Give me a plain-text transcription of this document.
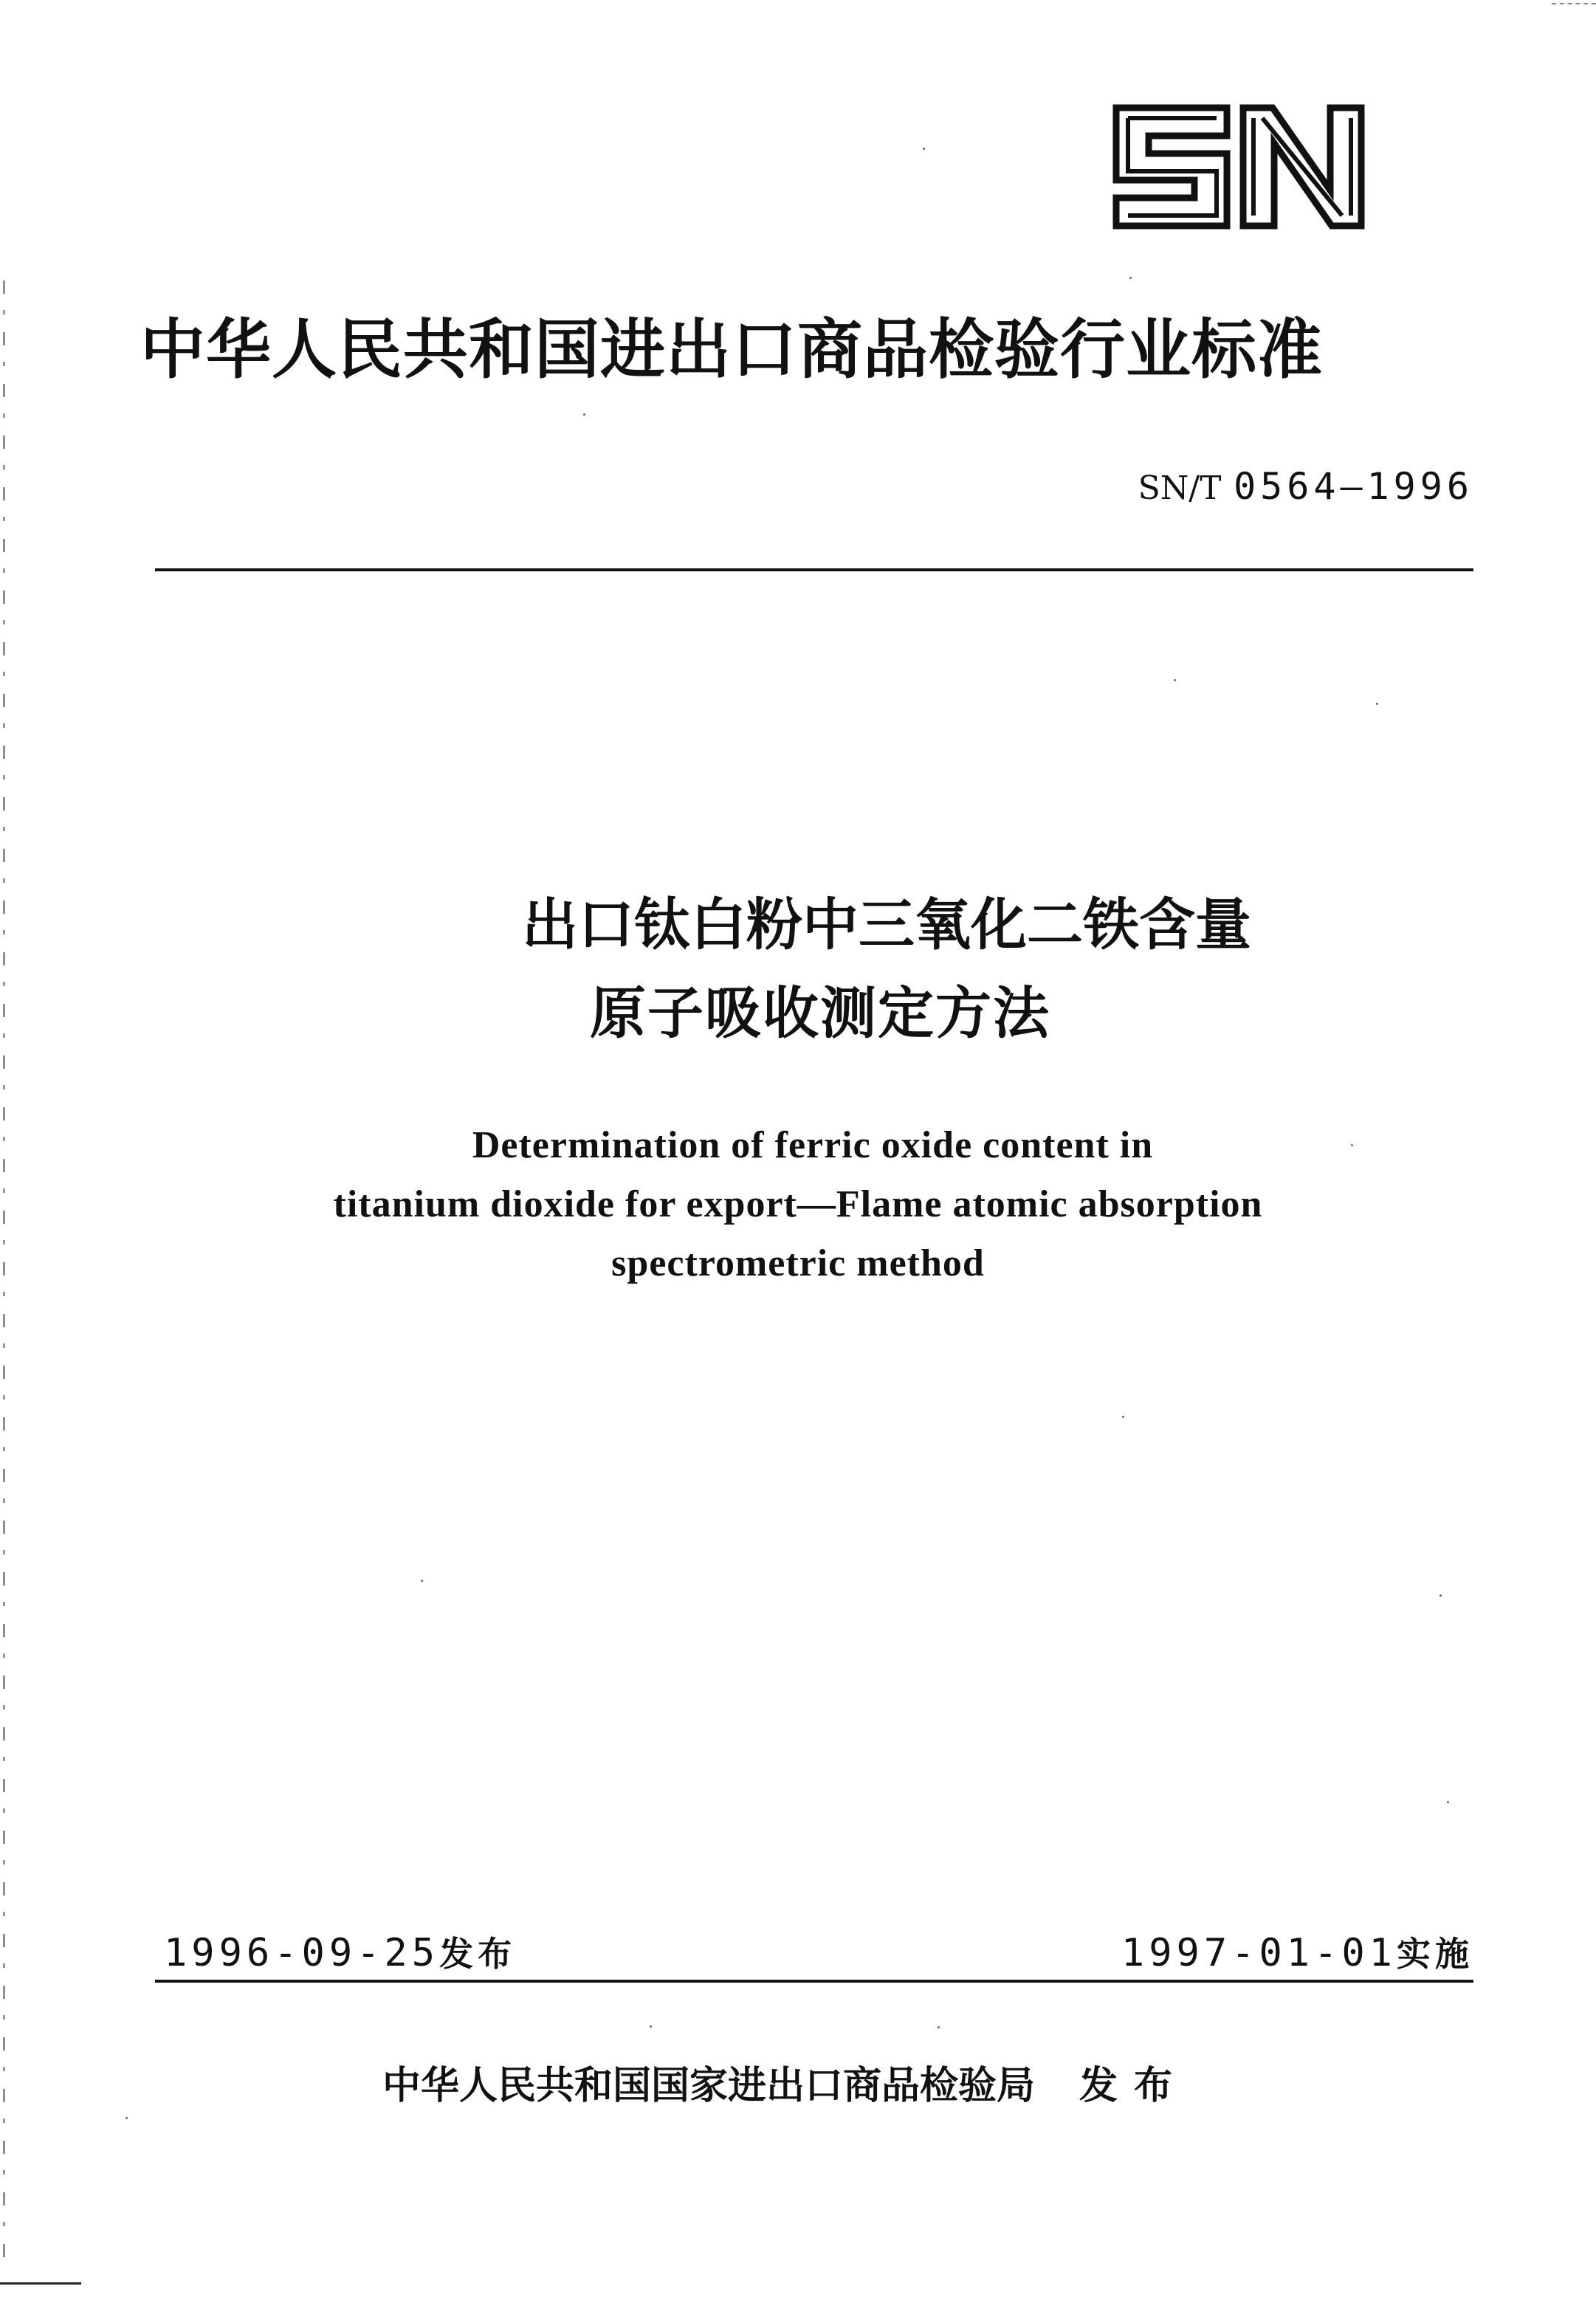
中华人民共和国进出口商品检验行业标准
SN/T 0564—1996
出口钛白粉中三氧化二铁含量
原子吸收测定方法
Determination of ferric oxide content in
titanium dioxide for export—Flame atomic absorption
spectrometric method
1996-09-25发布	1997-01-01实施
中华人民共和国国家进出口商品检验局 发布
